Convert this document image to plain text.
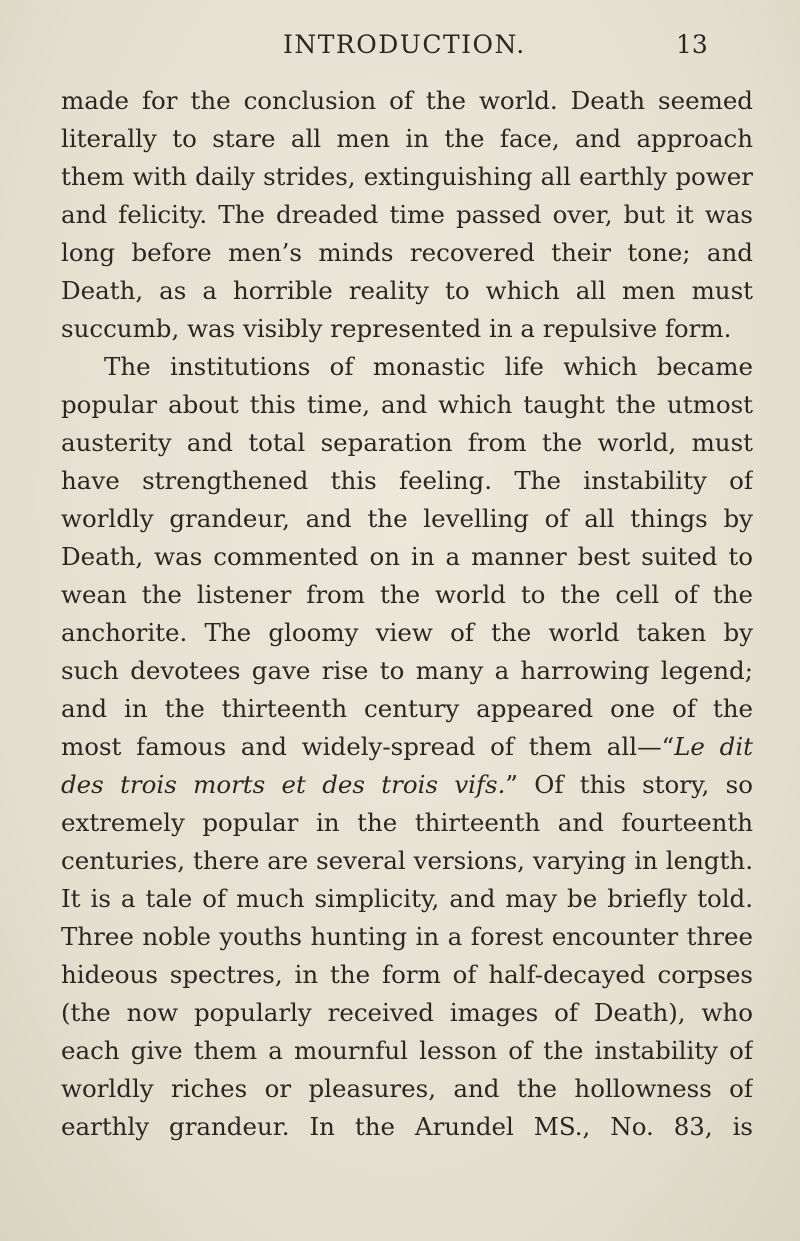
INTRODUCTION.	13
made for the conclusion of the world. Death seemed
literally to stare all men in the face, and approach
them with daily strides, extinguishing all earthly power
and felicity. The dreaded time passed over, but it was
long before men’s minds recovered their tone; and
Death, as a horrible reality to which all men must
succumb, was visibly represented in a repulsive form.
The institutions of monastic life which became
popular about this time, and which taught the utmost
austerity and total separation from the world, must
have strengthened this feeling. The instability of
worldly grandeur, and the levelling of all things by
Death, was commented on in a manner best suited to
wean the listener from the world to the cell of the
anchorite. The gloomy view of the world taken by
such devotees gave rise to many a harrowing legend;
and in the thirteenth century appeared one of the
most famous and widely-spread of them all—“Le dit
des trois morts et des trois vifs.” Of this story, so
extremely popular in the thirteenth and fourteenth
centuries, there are several versions, varying in length.
It is a tale of much simplicity, and may be briefly told.
Three noble youths hunting in a forest encounter three
hideous spectres, in the form of half-decayed corpses
(the now popularly received images of Death), who
each give them a mournful lesson of the instability of
worldly riches or pleasures, and the hollowness of
earthly grandeur. In the Arundel MS., No. 83, is
